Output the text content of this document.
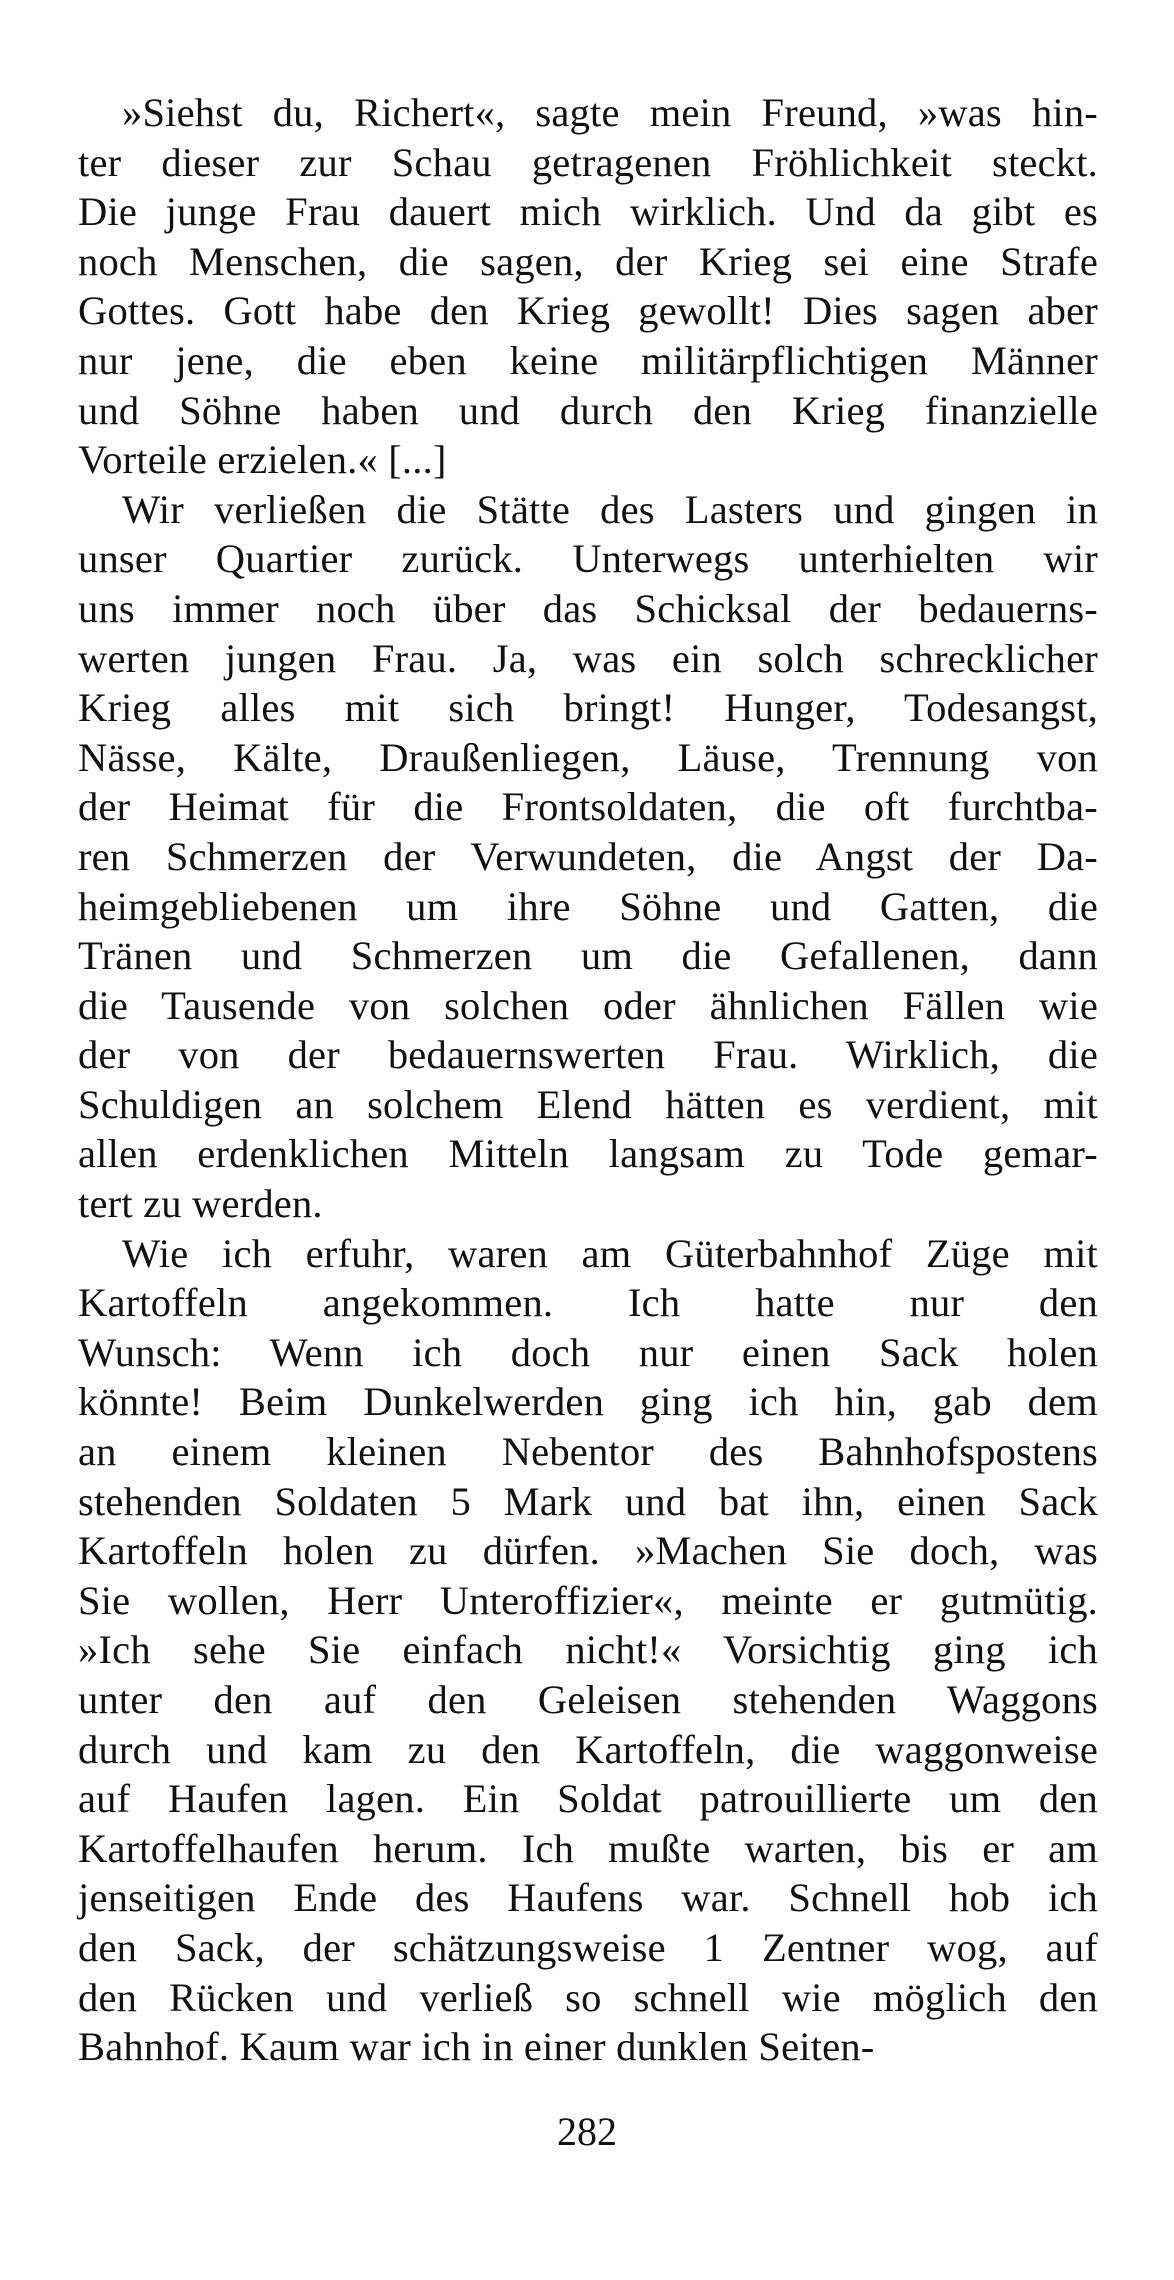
»Siehst du, Richert«, sagte mein Freund, »was hin-
ter dieser zur Schau getragenen Fröhlichkeit steckt.
Die junge Frau dauert mich wirklich. Und da gibt es
noch Menschen, die sagen, der Krieg sei eine Strafe
Gottes. Gott habe den Krieg gewollt! Dies sagen aber
nur jene, die eben keine militärpflichtigen Männer
und Söhne haben und durch den Krieg finanzielle
Vorteile erzielen.« [...]

Wir verließen die Stätte des Lasters und gingen in
unser Quartier zurück. Unterwegs unterhielten wir
uns immer noch über das Schicksal der bedauerns-
werten jungen Frau. Ja, was ein solch schrecklicher
Krieg alles mit sich bringt! Hunger, Todesangst,
Nässe, Kälte, Draußenliegen, Läuse, Trennung von
der Heimat für die Frontsoldaten, die oft furchtba-
ren Schmerzen der Verwundeten, die Angst der Da-
heimgebliebenen um ihre Söhne und Gatten, die
Tränen und Schmerzen um die Gefallenen, dann
die Tausende von solchen oder ähnlichen Fällen wie
der von der bedauernswerten Frau. Wirklich, die
Schuldigen an solchem Elend hätten es verdient, mit
allen erdenklichen Mitteln langsam zu Tode gemar-
tert zu werden.

Wie ich erfuhr, waren am Güterbahnhof Züge mit
Kartoffeln angekommen. Ich hatte nur den
Wunsch: Wenn ich doch nur einen Sack holen
könnte! Beim Dunkelwerden ging ich hin, gab dem
an einem kleinen Nebentor des Bahnhofspostens
stehenden Soldaten 5 Mark und bat ihn, einen Sack
Kartoffeln holen zu dürfen. »Machen Sie doch, was
Sie wollen, Herr Unteroffizier«, meinte er gutmütig.
»Ich sehe Sie einfach nicht!« Vorsichtig ging ich
unter den auf den Geleisen stehenden Waggons
durch und kam zu den Kartoffeln, die waggonweise
auf Haufen lagen. Ein Soldat patrouillierte um den
Kartoffelhaufen herum. Ich mußte warten, bis er am
jenseitigen Ende des Haufens war. Schnell hob ich
den Sack, der schätzungsweise 1 Zentner wog, auf
den Rücken und verließ so schnell wie möglich den
Bahnhof. Kaum war ich in einer dunklen Seiten-

282
